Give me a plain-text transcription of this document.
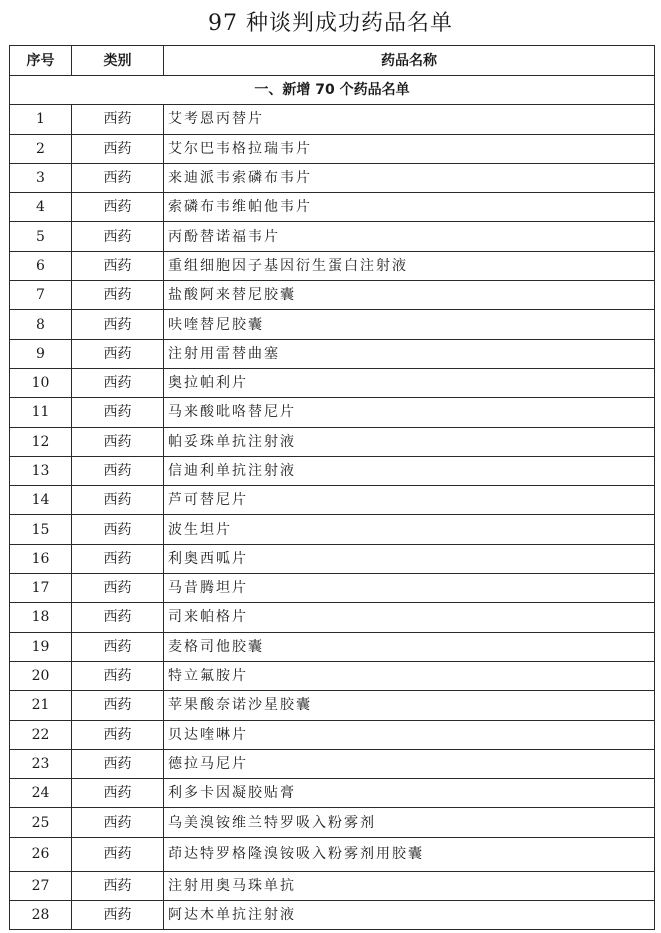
97 种谈判成功药品名单
序号	类别	药品名称
一、新增 70 个药品名单		
1	西药	艾考恩丙替片
2	西药	艾尔巴韦格拉瑞韦片
3	西药	来迪派韦索磷布韦片
4	西药	索磷布韦维帕他韦片
5	西药	丙酚替诺福韦片
6	西药	重组细胞因子基因衍生蛋白注射液
7	西药	盐酸阿来替尼胶囊
8	西药	呋喹替尼胶囊
9	西药	注射用雷替曲塞
10	西药	奥拉帕利片
11	西药	马来酸吡咯替尼片
12	西药	帕妥珠单抗注射液
13	西药	信迪利单抗注射液
14	西药	芦可替尼片
15	西药	波生坦片
16	西药	利奥西呱片
17	西药	马昔腾坦片
18	西药	司来帕格片
19	西药	麦格司他胶囊
20	西药	特立氟胺片
21	西药	苹果酸奈诺沙星胶囊
22	西药	贝达喹啉片
23	西药	德拉马尼片
24	西药	利多卡因凝胶贴膏
25	西药	乌美溴铵维兰特罗吸入粉雾剂
26	西药	茚达特罗格隆溴铵吸入粉雾剂用胶囊
27	西药	注射用奥马珠单抗
28	西药	阿达木单抗注射液
